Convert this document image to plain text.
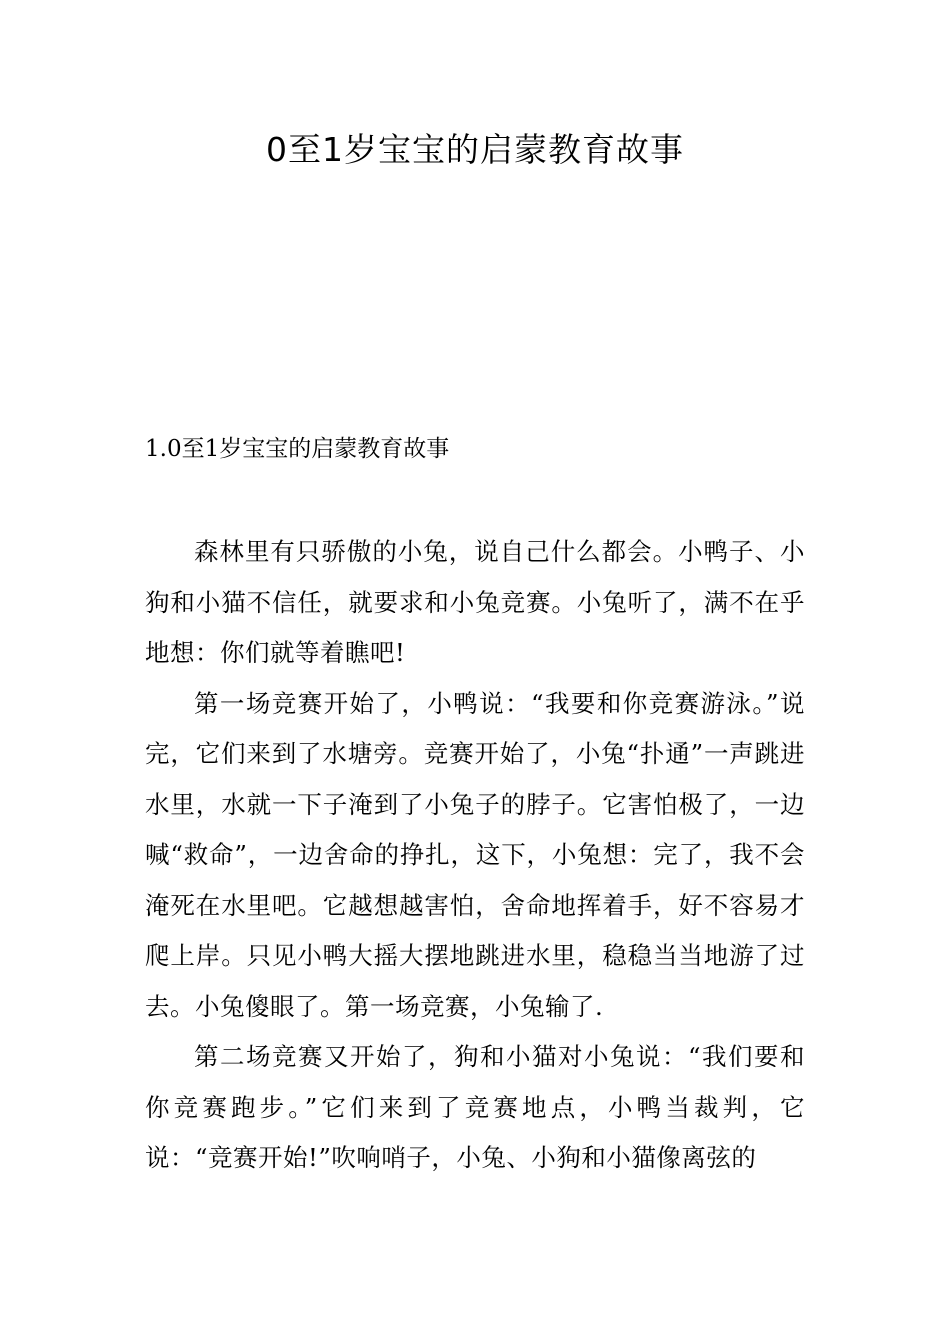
0至1岁宝宝的启蒙教育故事
1.0至1岁宝宝的启蒙教育故事

森林里有只骄傲的小兔，说自己什么都会。小鸭子、小狗和小猫不信任，就要求和小兔竞赛。小兔听了，满不在乎地想：你们就等着瞧吧!

第一场竞赛开始了，小鸭说：“我要和你竞赛游泳。”说完，它们来到了水塘旁。竞赛开始了，小兔“扑通”一声跳进水里，水就一下子淹到了小兔子的脖子。它害怕极了，一边喊“救命”，一边舍命的挣扎，这下，小兔想：完了，我不会淹死在水里吧。它越想越害怕，舍命地挥着手，好不容易才爬上岸。只见小鸭大摇大摆地跳进水里，稳稳当当地游了过去。小兔傻眼了。第一场竞赛，小兔输了.

第二场竞赛又开始了，狗和小猫对小兔说：“我们要和你竞赛跑步。”它们来到了竞赛地点，小鸭当裁判，它说：“竞赛开始!”吹响哨子，小兔、小狗和小猫像离弦的
